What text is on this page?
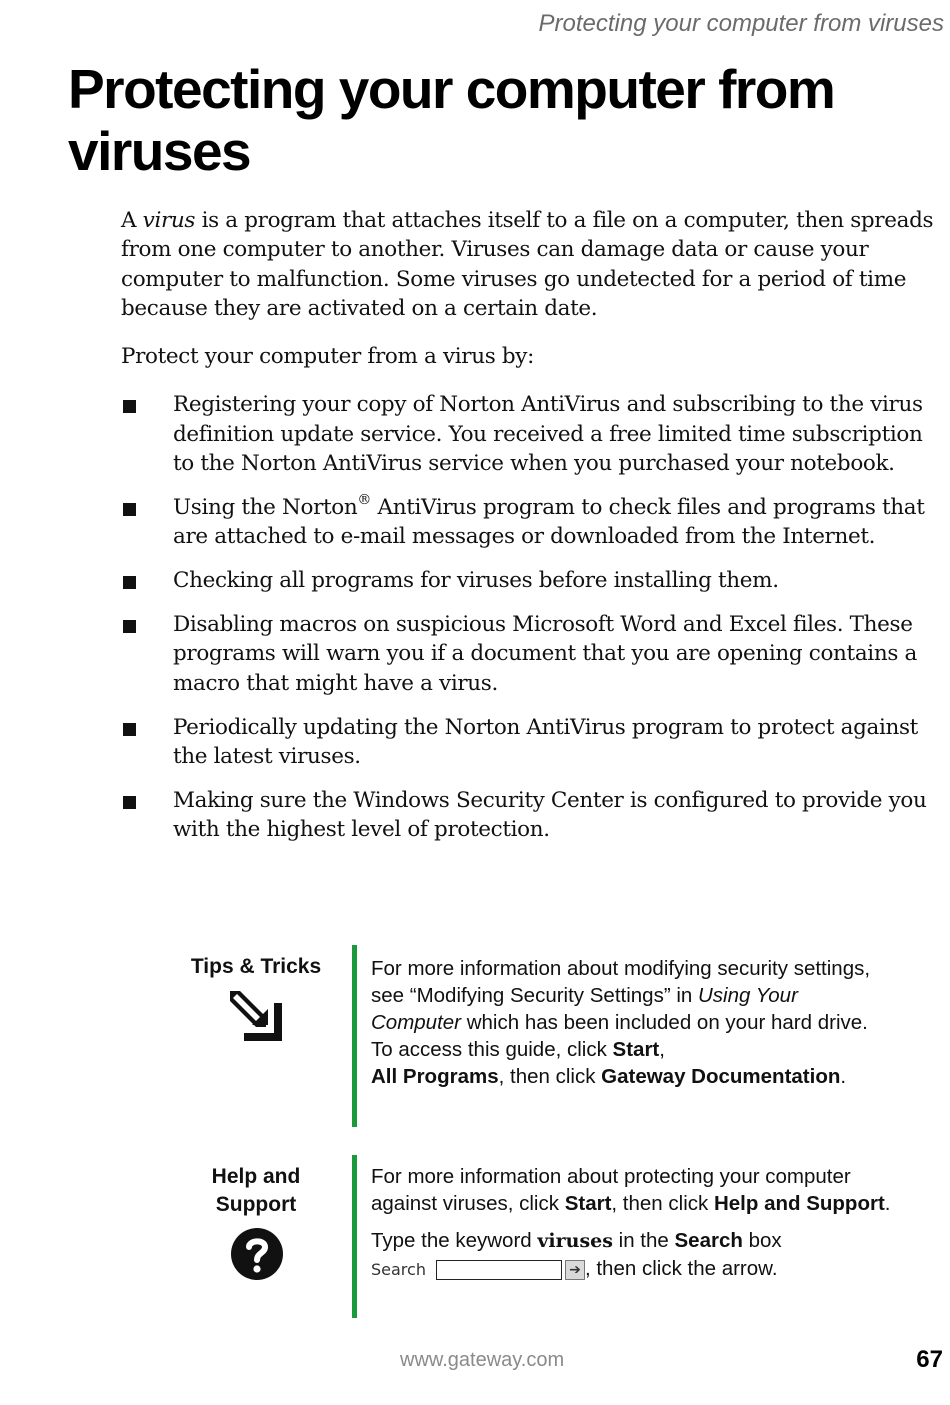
Protecting your computer from viruses
Protecting your computer from
viruses

A virus is a program that attaches itself to a file on a computer, then spreads from one computer to another. Viruses can damage data or cause your computer to malfunction. Some viruses go undetected for a period of time because they are activated on a certain date.

Protect your computer from a virus by:

Registering your copy of Norton AntiVirus and subscribing to the virus definition update service. You received a free limited time subscription to the Norton AntiVirus service when you purchased your notebook.
Using the Norton® AntiVirus program to check files and programs that are attached to e-mail messages or downloaded from the Internet.
Checking all programs for viruses before installing them.
Disabling macros on suspicious Microsoft Word and Excel files. These programs will warn you if a document that you are opening contains a macro that might have a virus.
Periodically updating the Norton AntiVirus program to protect against the latest viruses.
Making sure the Windows Security Center is configured to provide you with the highest level of protection.
Tips & Tricks	For more information about modifying security settings, see “Modifying Security Settings” in Using Your Computer which has been included on your hard drive. To access this guide, click Start,
All Programs, then click Gateway Documentation.
Help and Support

For more information about protecting your computer against viruses, click Start, then click Help and Support.

Type the keyword viruses in the Search box

Search	➔ , then click the arrow.

www.gateway.com	67
